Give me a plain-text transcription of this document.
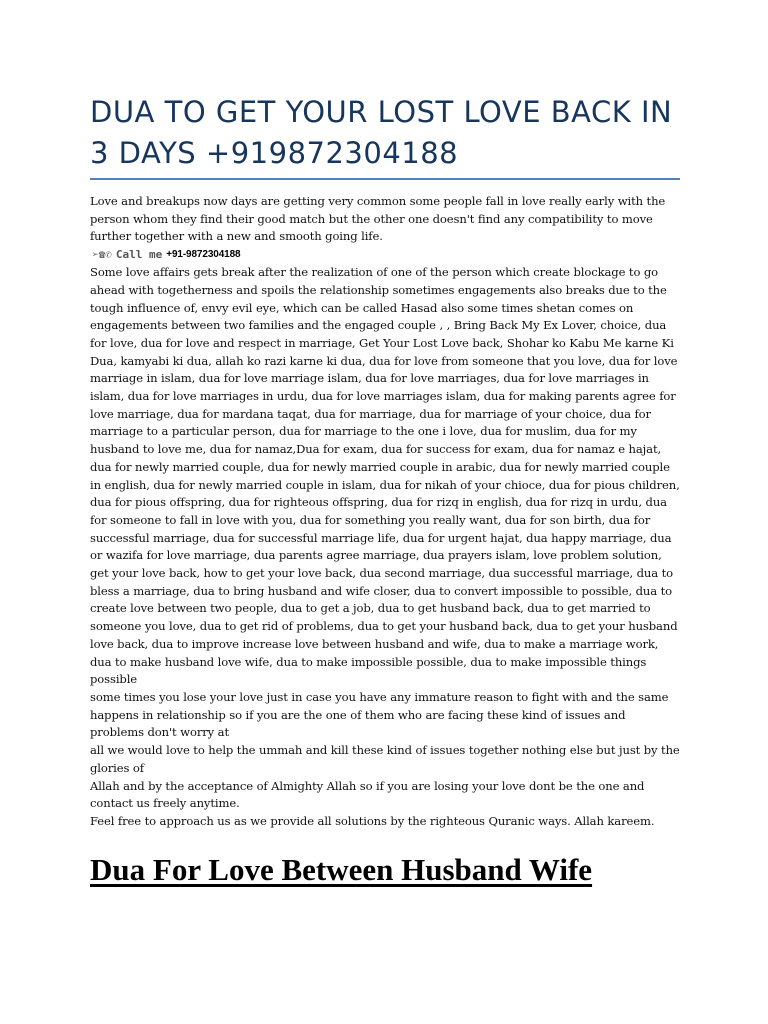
DUA TO GET YOUR LOST LOVE BACK IN
3 DAYS +919872304188

Love and breakups now days are getting very common some people fall in love really early with the person whom they find their good match but the other one doesn't find any compatibility to move further together with a new and smooth going life.

➢☎✆ Call me +91-9872304188

Some love affairs gets break after the realization of one of the person which create blockage to go ahead with togetherness and spoils the relationship sometimes engagements also breaks due to the tough influence of, envy evil eye, which can be called Hasad also some times shetan comes on engagements between two families and the engaged couple , , Bring Back My Ex Lover, choice, dua for love, dua for love and respect in marriage, Get Your Lost Love back, Shohar ko Kabu Me karne Ki Dua, kamyabi ki dua, allah ko razi karne ki dua, dua for love from someone that you love, dua for love marriage in islam, dua for love marriage islam, dua for love marriages, dua for love marriages in islam, dua for love marriages in urdu, dua for love marriages islam, dua for making parents agree for love marriage, dua for mardana taqat, dua for marriage, dua for marriage of your choice, dua for marriage to a particular person, dua for marriage to the one i love, dua for muslim, dua for my husband to love me, dua for namaz,Dua for exam, dua for success for exam, dua for namaz e hajat, dua for newly married couple, dua for newly married couple in arabic, dua for newly married couple in english, dua for newly married couple in islam, dua for nikah of your chioce, dua for pious children, dua for pious offspring, dua for righteous offspring, dua for rizq in english, dua for rizq in urdu, dua for someone to fall in love with you, dua for something you really want, dua for son birth, dua for successful marriage, dua for successful marriage life, dua for urgent hajat, dua happy marriage, dua or wazifa for love marriage, dua parents agree marriage, dua prayers islam, love problem solution, get your love back, how to get your love back, dua second marriage, dua successful marriage, dua to bless a marriage, dua to bring husband and wife closer, dua to convert impossible to possible, dua to create love between two people, dua to get a job, dua to get husband back, dua to get married to someone you love, dua to get rid of problems, dua to get your husband back, dua to get your husband love back, dua to improve increase love between husband and wife, dua to make a marriage work, dua to make husband love wife, dua to make impossible possible, dua to make impossible things possible

some times you lose your love just in case you have any immature reason to fight with and the same happens in relationship so if you are the one of them who are facing these kind of issues and problems don't worry at

all we would love to help the ummah and kill these kind of issues together nothing else but just by the glories of

Allah and by the acceptance of Almighty Allah so if you are losing your love dont be the one and contact us freely anytime.

Feel free to approach us as we provide all solutions by the righteous Quranic ways. Allah kareem.

Dua For Love Between Husband Wife
